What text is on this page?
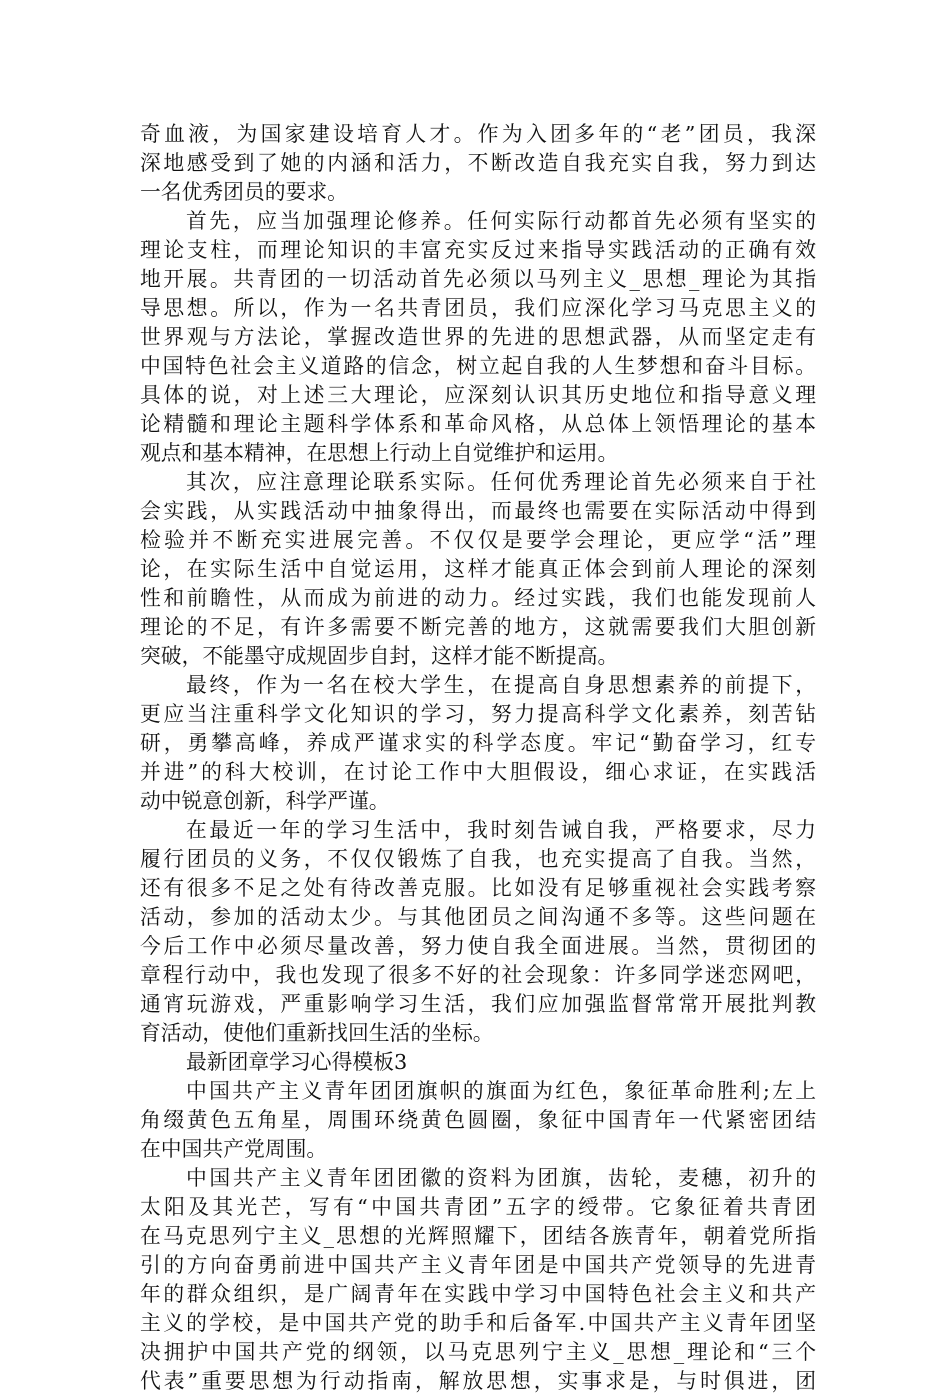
奇血液，为国家建设培育人才。作为入团多年的“老”团员，我深
深地感受到了她的内涵和活力，不断改造自我充实自我，努力到达
一名优秀团员的要求。
首先，应当加强理论修养。任何实际行动都首先必须有坚实的
理论支柱，而理论知识的丰富充实反过来指导实践活动的正确有效
地开展。共青团的一切活动首先必须以马列主义_思想_理论为其指
导思想。所以，作为一名共青团员，我们应深化学习马克思主义的
世界观与方法论，掌握改造世界的先进的思想武器，从而坚定走有
中国特色社会主义道路的信念，树立起自我的人生梦想和奋斗目标。
具体的说，对上述三大理论，应深刻认识其历史地位和指导意义理
论精髓和理论主题科学体系和革命风格，从总体上领悟理论的基本
观点和基本精神，在思想上行动上自觉维护和运用。
其次，应注意理论联系实际。任何优秀理论首先必须来自于社
会实践，从实践活动中抽象得出，而最终也需要在实际活动中得到
检验并不断充实进展完善。不仅仅是要学会理论，更应学“活”理
论，在实际生活中自觉运用，这样才能真正体会到前人理论的深刻
性和前瞻性，从而成为前进的动力。经过实践，我们也能发现前人
理论的不足，有许多需要不断完善的地方，这就需要我们大胆创新
突破，不能墨守成规固步自封，这样才能不断提高。
最终，作为一名在校大学生，在提高自身思想素养的前提下，
更应当注重科学文化知识的学习，努力提高科学文化素养，刻苦钻
研，勇攀高峰，养成严谨求实的科学态度。牢记“勤奋学习，红专
并进”的科大校训，在讨论工作中大胆假设，细心求证，在实践活
动中锐意创新，科学严谨。
在最近一年的学习生活中，我时刻告诫自我，严格要求，尽力
履行团员的义务，不仅仅锻炼了自我，也充实提高了自我。当然，
还有很多不足之处有待改善克服。比如没有足够重视社会实践考察
活动，参加的活动太少。与其他团员之间沟通不多等。这些问题在
今后工作中必须尽量改善，努力使自我全面进展。当然，贯彻团的
章程行动中，我也发现了很多不好的社会现象：许多同学迷恋网吧，
通宵玩游戏，严重影响学习生活，我们应加强监督常常开展批判教
育活动，使他们重新找回生活的坐标。
最新团章学习心得模板3
中国共产主义青年团团旗帜的旗面为红色，象征革命胜利;左上
角缀黄色五角星，周围环绕黄色圆圈，象征中国青年一代紧密团结
在中国共产党周围。
中国共产主义青年团团徽的资料为团旗，齿轮，麦穗，初升的
太阳及其光芒，写有“中国共青团”五字的绶带。它象征着共青团
在马克思列宁主义_思想的光辉照耀下，团结各族青年，朝着党所指
引的方向奋勇前进中国共产主义青年团是中国共产党领导的先进青
年的群众组织，是广阔青年在实践中学习中国特色社会主义和共产
主义的学校，是中国共产党的助手和后备军.中国共产主义青年团坚
决拥护中国共产党的纲领，以马克思列宁主义_思想_理论和“三个
代表”重要思想为行动指南，解放思想，实事求是，与时俱进，团
